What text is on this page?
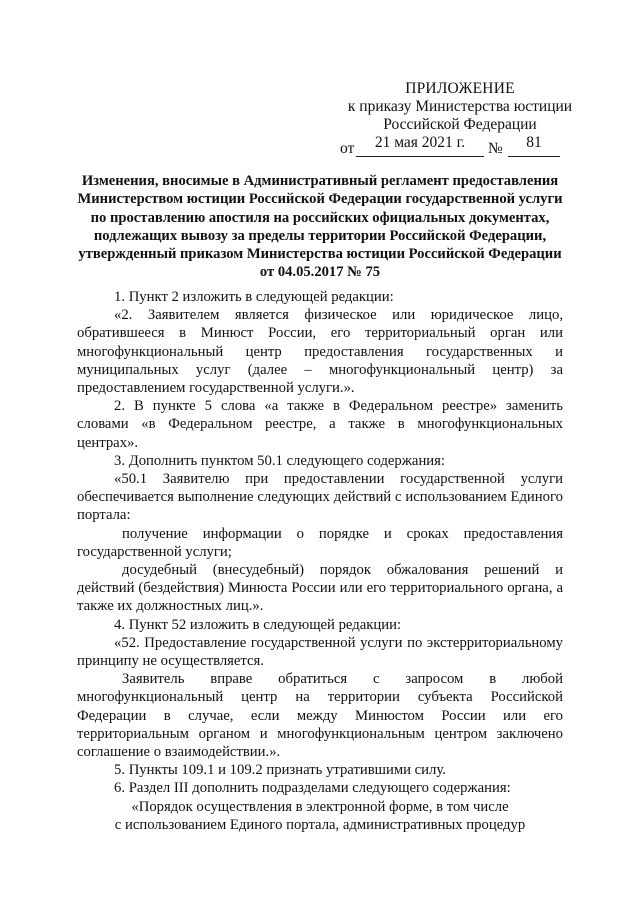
ПРИЛОЖЕНИЕ
к приказу Министерства юстиции
Российской Федерации
от	21 мая 2021 г.	№	81
Изменения, вносимые в Административный регламент предоставления Министерством юстиции Российской Федерации государственной услуги по проставлению апостиля на российских официальных документах, подлежащих вывозу за пределы территории Российской Федерации, утвержденный приказом Министерства юстиции Российской Федерации от 04.05.2017 № 75

1. Пункт 2 изложить в следующей редакции:

«2. Заявителем является физическое или юридическое лицо, обратившееся в Минюст России, его территориальный орган или многофункциональный центр предоставления государственных и муниципальных услуг (далее – многофункциональный центр) за предоставлением государственной услуги.».

2. В пункте 5 слова «а также в Федеральном реестре» заменить словами «в Федеральном реестре, а также в многофункциональных центрах».

3. Дополнить пунктом 50.1 следующего содержания:

«50.1 Заявителю при предоставлении государственной услуги обеспечивается выполнение следующих действий с использованием Единого портала:

получение информации о порядке и сроках предоставления государственной услуги;

досудебный (внесудебный) порядок обжалования решений и действий (бездействия) Минюста России или его территориального органа, а также их должностных лиц.».

4. Пункт 52 изложить в следующей редакции:

«52. Предоставление государственной услуги по экстерриториальному принципу не осуществляется.

Заявитель вправе обратиться с запросом в любой многофункциональный центр на территории субъекта Российской Федерации в случае, если между Минюстом России или его территориальным органом и многофункциональным центром заключено соглашение о взаимодействии.».

5. Пункты 109.1 и 109.2 признать утратившими силу.

6. Раздел III дополнить подразделами следующего содержания:

«Порядок осуществления в электронной форме, в том числе

с использованием Единого портала, административных процедур
